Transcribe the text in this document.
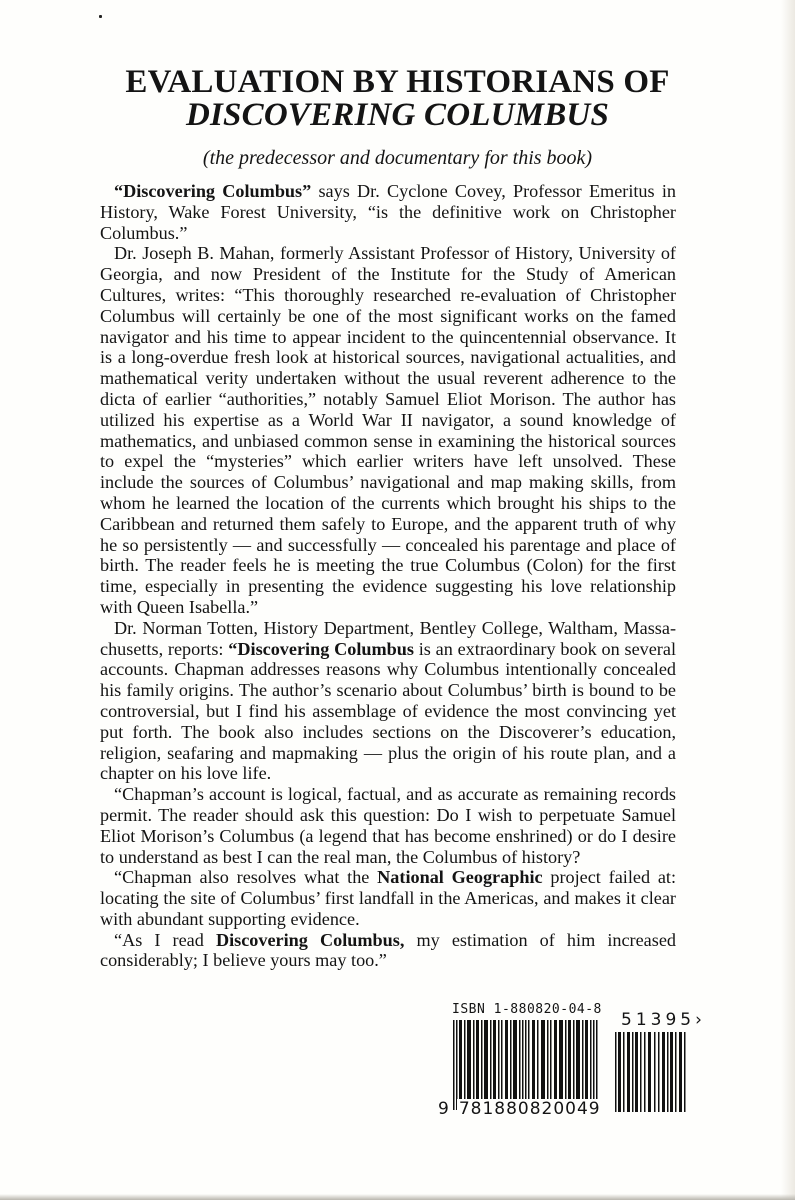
EVALUATION BY HISTORIANS OF
DISCOVERING COLUMBUS
(the predecessor and documentary for this book)

“Discovering Columbus” says Dr. Cyclone Covey, Professor Emeritus in History, Wake Forest University, “is the definitive work on Christopher Columbus.”

Dr. Joseph B. Mahan, formerly Assistant Professor of History, University of Georgia, and now President of the Institute for the Study of American Cultures, writes: “This thoroughly researched re-evaluation of Christopher Columbus will certainly be one of the most significant works on the famed navigator and his time to appear incident to the quincentennial observance. It is a long-overdue fresh look at historical sources, navigational actualities, and mathematical verity undertaken without the usual reverent adherence to the dicta of earlier “authorities,” notably Samuel Eliot Morison. The author has utilized his expertise as a World War II navigator, a sound knowledge of mathematics, and unbiased common sense in examining the historical sources to expel the “mysteries” which earlier writers have left unsolved. These include the sources of Columbus’ navigational and map making skills, from whom he learned the location of the currents which brought his ships to the Caribbean and returned them safely to Europe, and the apparent truth of why he so persistently — and successfully — concealed his parentage and place of birth. The reader feels he is meeting the true Columbus (Colon) for the first time, especially in presenting the evidence suggesting his love relationship with Queen Isabella.”

Dr. Norman Totten, History Department, Bentley College, Waltham, Massachusetts, reports: “Discovering Columbus is an extraordinary book on several accounts. Chapman addresses reasons why Columbus intentionally concealed his family origins. The author’s scenario about Columbus’ birth is bound to be controversial, but I find his assemblage of evidence the most convincing yet put forth. The book also includes sections on the Discoverer’s education, religion, seafaring and mapmaking — plus the origin of his route plan, and a chapter on his love life.

“Chapman’s account is logical, factual, and as accurate as remaining records permit. The reader should ask this question: Do I wish to perpetuate Samuel Eliot Morison’s Columbus (a legend that has become enshrined) or do I desire to understand as best I can the real man, the Columbus of history?

“Chapman also resolves what the National Geographic project failed at: locating the site of Columbus’ first landfall in the Americas, and makes it clear with abundant supporting evidence.

“As I read Discovering Columbus, my estimation of him increased considerably; I believe yours may too.”

ISBN 1-880820-04-8
51395›
9 781880820049
